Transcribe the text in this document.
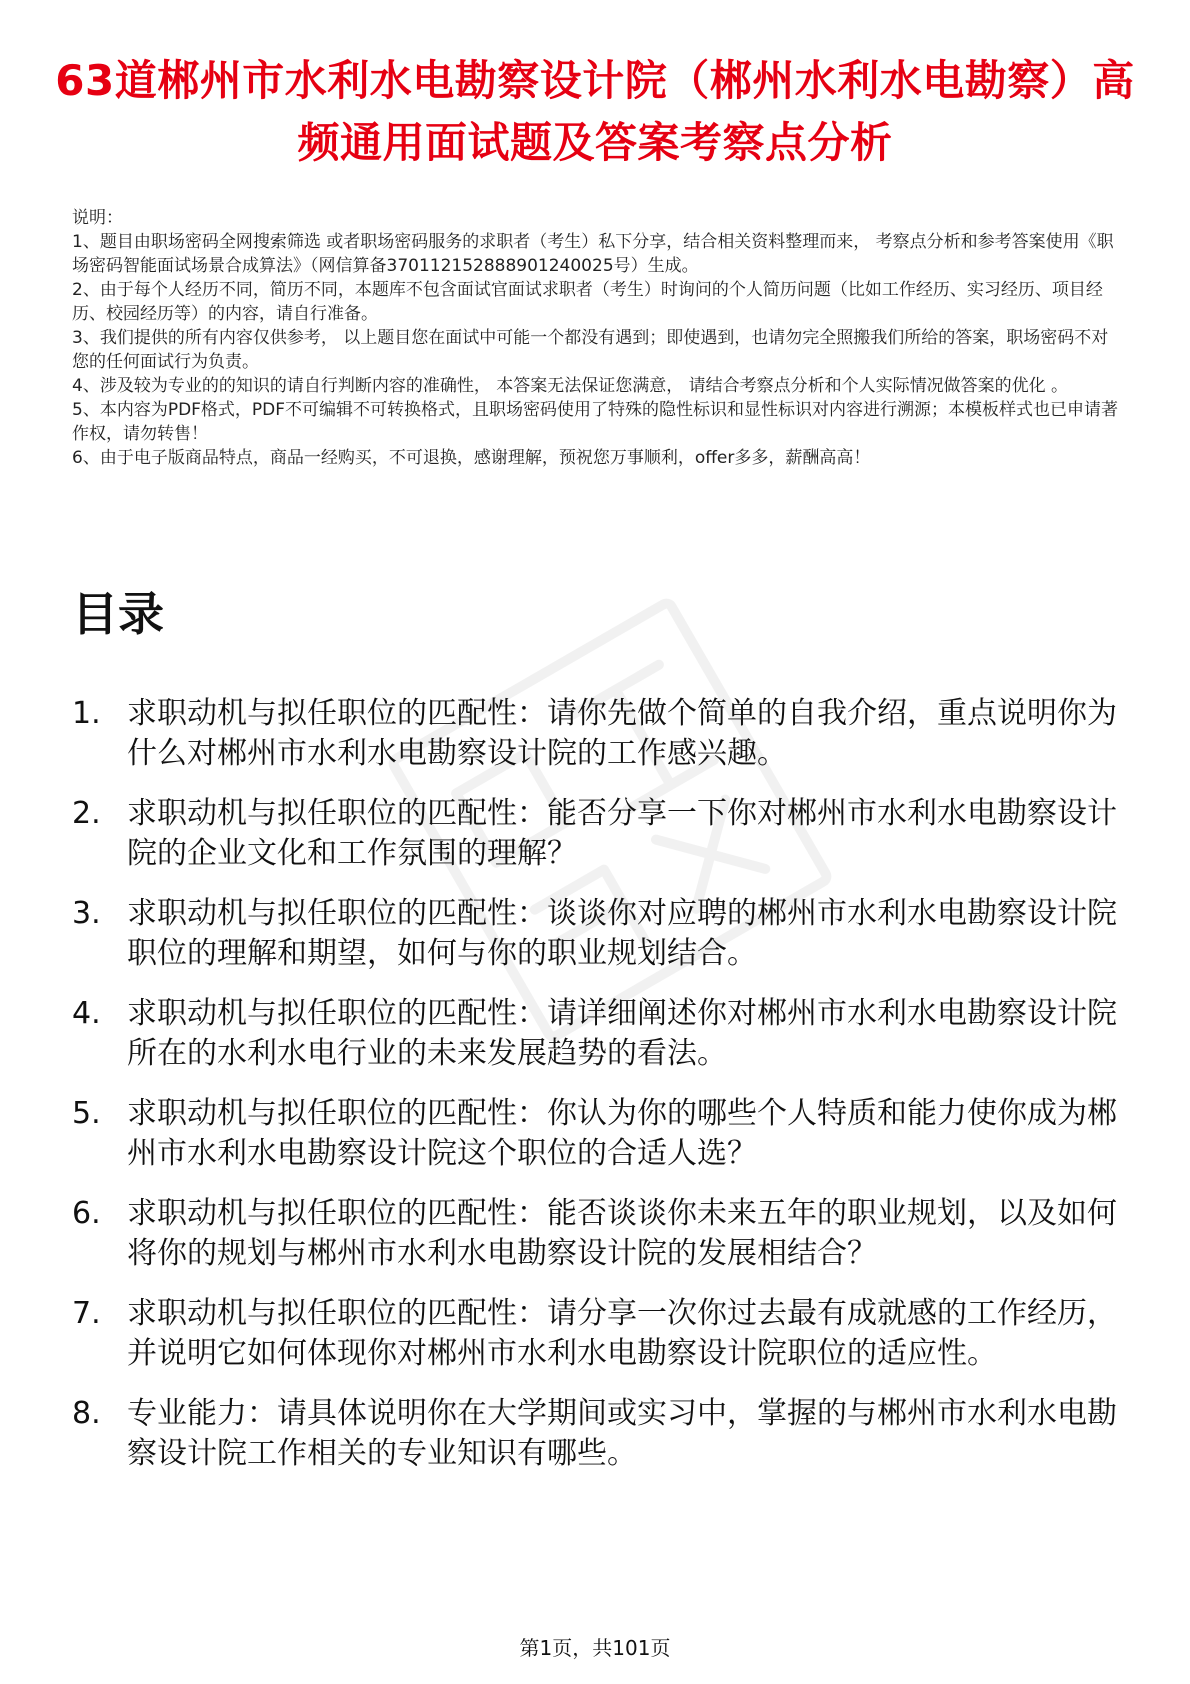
63道郴州市水利水电勘察设计院（郴州水利水电勘察）高频通用面试题及答案考察点分析
说明：
1、题目由职场密码全网搜索筛选 或者职场密码服务的求职者（考生）私下分享，结合相关资料整理而来， 考察点分析和参考答案使用《职场密码智能面试场景合成算法》（网信算备370112152888901240025号）生成。
2、由于每个人经历不同，简历不同，本题库不包含面试官面试求职者（考生）时询问的个人简历问题（比如工作经历、实习经历、项目经历、校园经历等）的内容，请自行准备。
3、我们提供的所有内容仅供参考， 以上题目您在面试中可能一个都没有遇到；即使遇到，也请勿完全照搬我们所给的答案，职场密码不对您的任何面试行为负责。
4、涉及较为专业的的知识的请自行判断内容的准确性， 本答案无法保证您满意， 请结合考察点分析和个人实际情况做答案的优化 。
5、本内容为PDF格式，PDF不可编辑不可转换格式，且职场密码使用了特殊的隐性标识和显性标识对内容进行溯源；本模板样式也已申请著作权，请勿转售！
6、由于电子版商品特点，商品一经购买，不可退换，感谢理解，预祝您万事顺利，offer多多，薪酬高高！
目录
1. 求职动机与拟任职位的匹配性：请你先做个简单的自我介绍，重点说明你为什么对郴州市水利水电勘察设计院的工作感兴趣。
2. 求职动机与拟任职位的匹配性：能否分享一下你对郴州市水利水电勘察设计院的企业文化和工作氛围的理解？
3. 求职动机与拟任职位的匹配性：谈谈你对应聘的郴州市水利水电勘察设计院职位的理解和期望，如何与你的职业规划结合。
4. 求职动机与拟任职位的匹配性：请详细阐述你对郴州市水利水电勘察设计院所在的水利水电行业的未来发展趋势的看法。
5. 求职动机与拟任职位的匹配性：你认为你的哪些个人特质和能力使你成为郴州市水利水电勘察设计院这个职位的合适人选？
6. 求职动机与拟任职位的匹配性：能否谈谈你未来五年的职业规划，以及如何将你的规划与郴州市水利水电勘察设计院的发展相结合？
7. 求职动机与拟任职位的匹配性：请分享一次你过去最有成就感的工作经历，并说明它如何体现你对郴州市水利水电勘察设计院职位的适应性。
8. 专业能力：请具体说明你在大学期间或实习中，掌握的与郴州市水利水电勘察设计院工作相关的专业知识有哪些。
第1页，共101页
